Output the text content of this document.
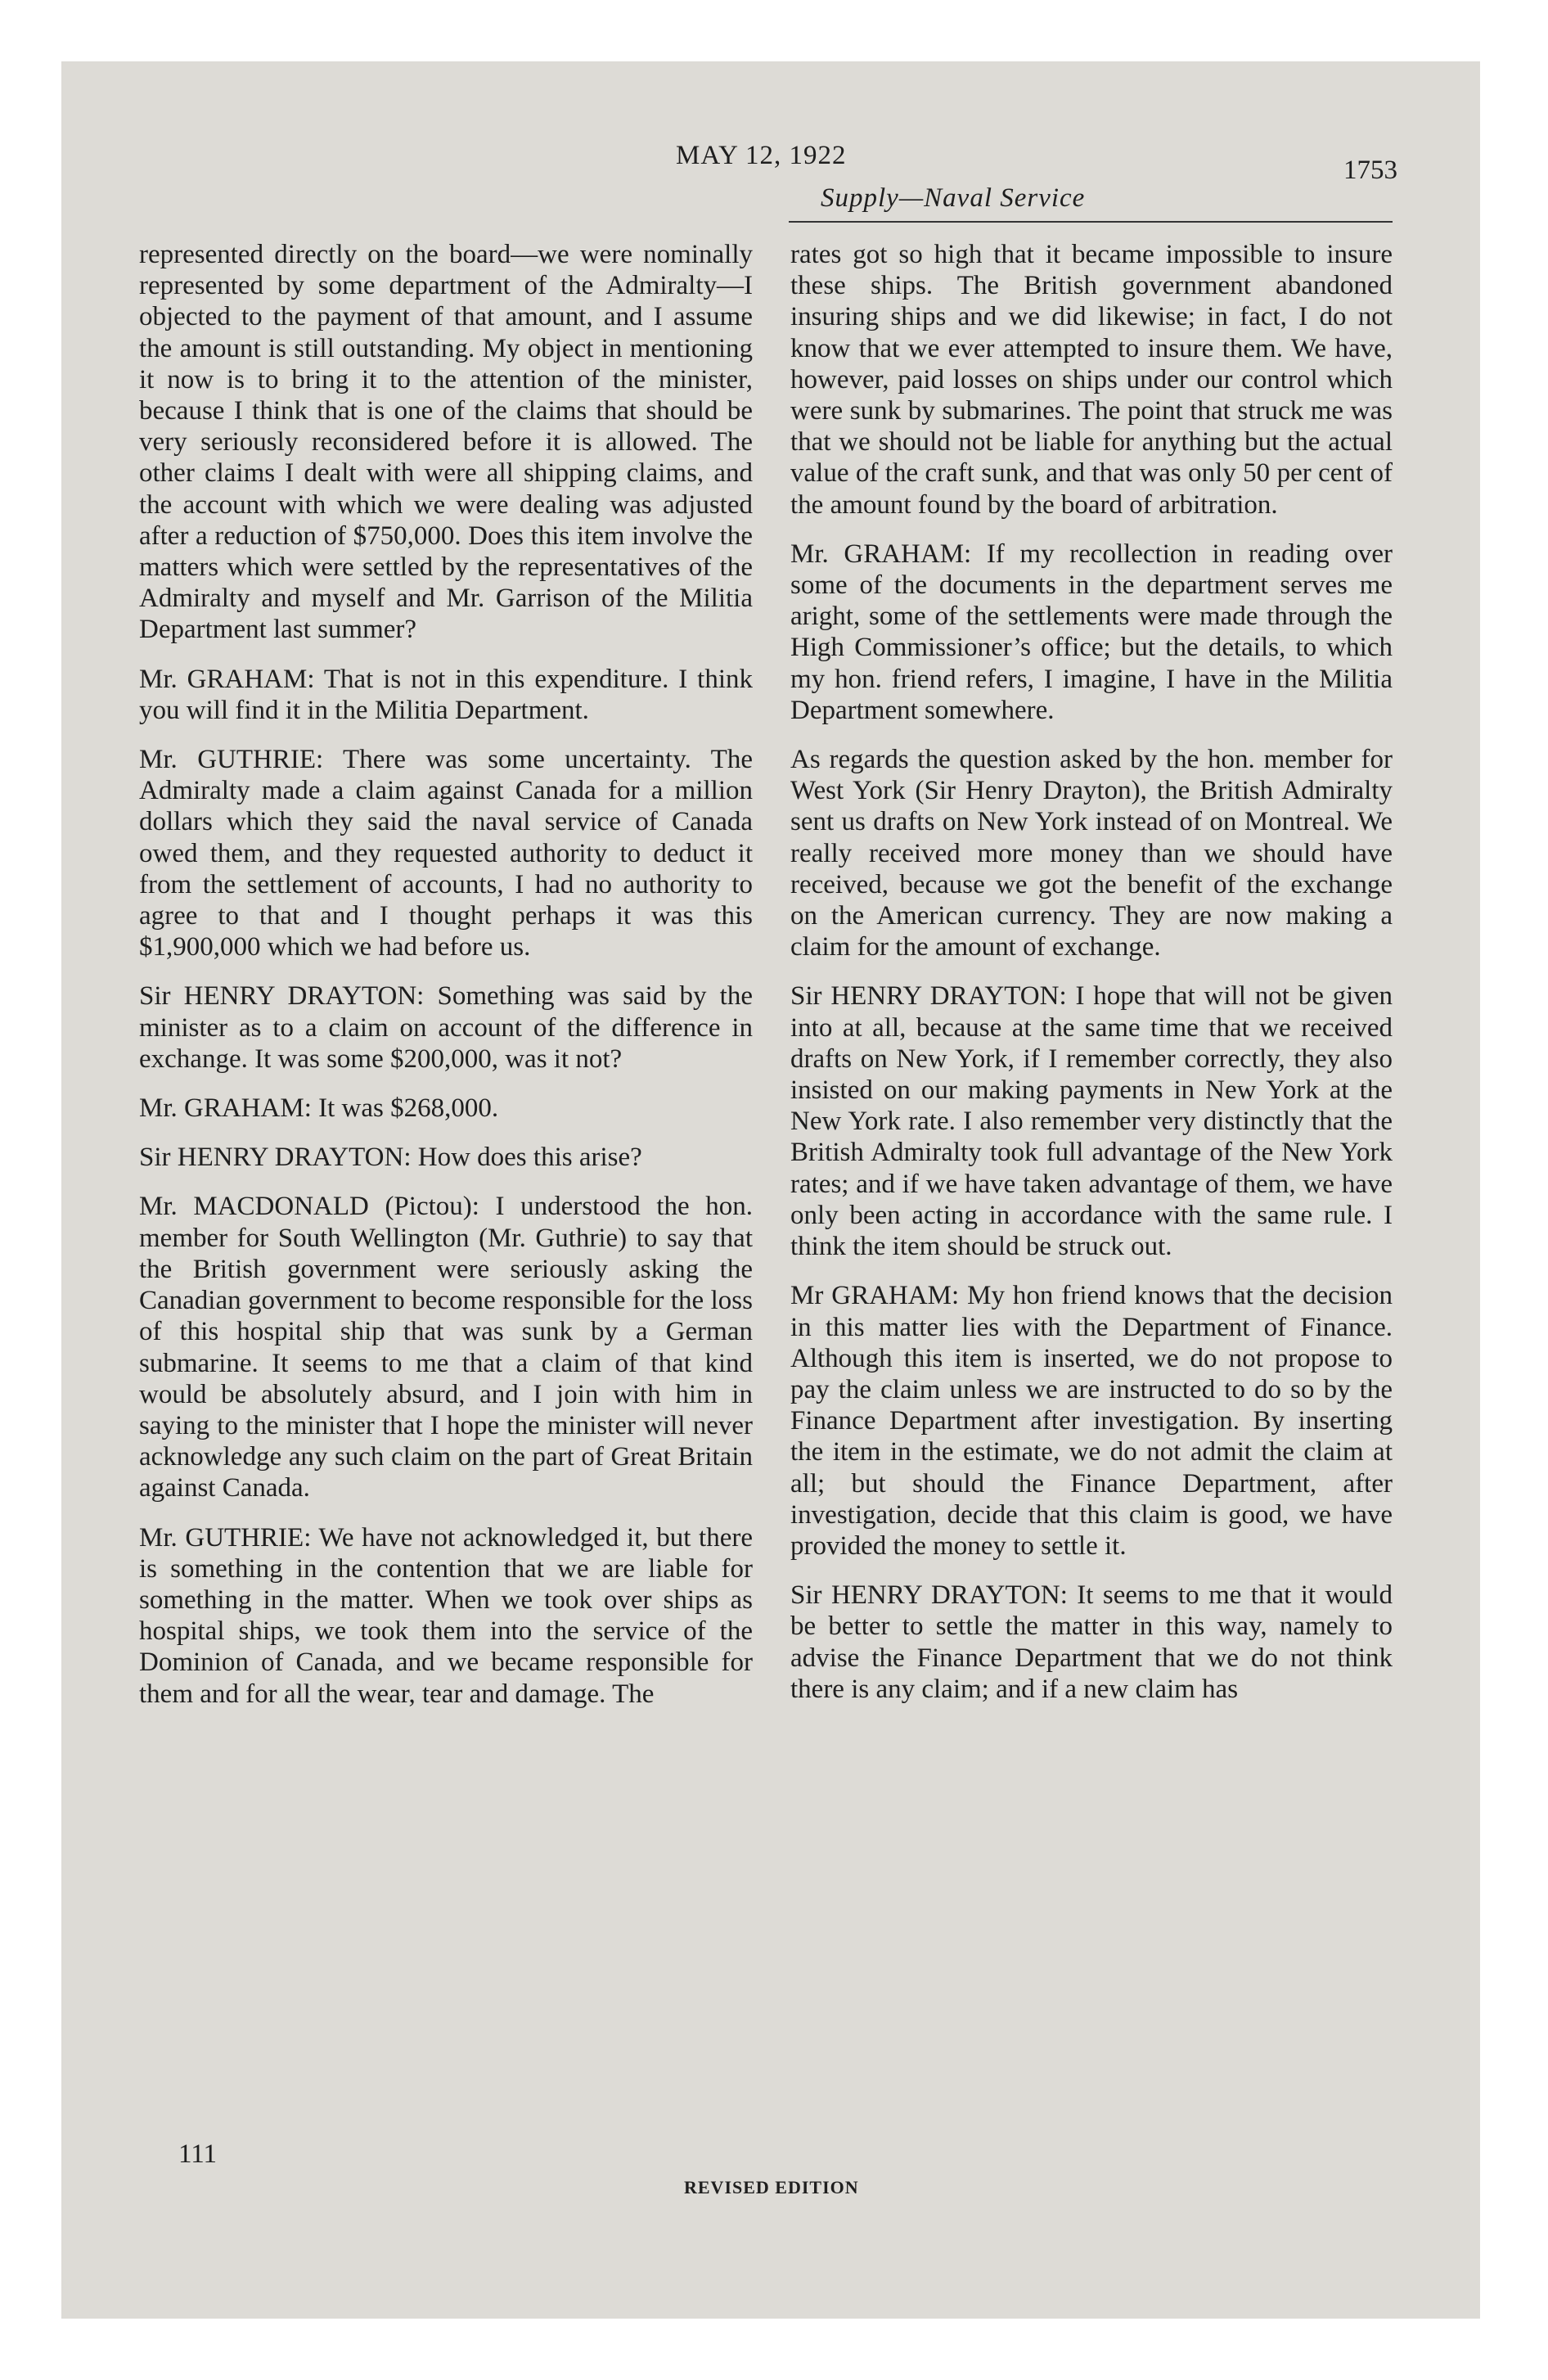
MAY 12, 1922
Supply—Naval Service
1753

represented directly on the board—we were nominally represented by some department of the Admiralty—I objected to the payment of that amount, and I assume the amount is still outstanding. My object in mentioning it now is to bring it to the attention of the minister, because I think that is one of the claims that should be very seriously reconsidered before it is allowed. The other claims I dealt with were all shipping claims, and the account with which we were dealing was adjusted after a reduction of $750,000. Does this item involve the matters which were settled by the representatives of the Admiralty and myself and Mr. Garrison of the Militia Department last summer?

Mr. GRAHAM: That is not in this expenditure. I think you will find it in the Militia Department.

Mr. GUTHRIE: There was some uncertainty. The Admiralty made a claim against Canada for a million dollars which they said the naval service of Canada owed them, and they requested authority to deduct it from the settlement of accounts, I had no authority to agree to that and I thought perhaps it was this $1,900,000 which we had before us.

Sir HENRY DRAYTON: Something was said by the minister as to a claim on account of the difference in exchange. It was some $200,000, was it not?

Mr. GRAHAM: It was $268,000.

Sir HENRY DRAYTON: How does this arise?

Mr. MACDONALD (Pictou): I understood the hon. member for South Wellington (Mr. Guthrie) to say that the British government were seriously asking the Canadian government to become responsible for the loss of this hospital ship that was sunk by a German submarine. It seems to me that a claim of that kind would be absolutely absurd, and I join with him in saying to the minister that I hope the minister will never acknowledge any such claim on the part of Great Britain against Canada.

Mr. GUTHRIE: We have not acknowledged it, but there is something in the contention that we are liable for something in the matter. When we took over ships as hospital ships, we took them into the service of the Dominion of Canada, and we became responsible for them and for all the wear, tear and damage. The

rates got so high that it became impossible to insure these ships. The British government abandoned insuring ships and we did likewise; in fact, I do not know that we ever attempted to insure them. We have, however, paid losses on ships under our control which were sunk by submarines. The point that struck me was that we should not be liable for anything but the actual value of the craft sunk, and that was only 50 per cent of the amount found by the board of arbitration.

Mr. GRAHAM: If my recollection in reading over some of the documents in the department serves me aright, some of the settlements were made through the High Commissioner’s office; but the details, to which my hon. friend refers, I imagine, I have in the Militia Department somewhere.

As regards the question asked by the hon. member for West York (Sir Henry Drayton), the British Admiralty sent us drafts on New York instead of on Montreal. We really received more money than we should have received, because we got the benefit of the exchange on the American currency. They are now making a claim for the amount of exchange.

Sir HENRY DRAYTON: I hope that will not be given into at all, because at the same time that we received drafts on New York, if I remember correctly, they also insisted on our making payments in New York at the New York rate. I also remember very distinctly that the British Admiralty took full advantage of the New York rates; and if we have taken advantage of them, we have only been acting in accordance with the same rule. I think the item should be struck out.

Mr GRAHAM: My hon friend knows that the decision in this matter lies with the Department of Finance. Although this item is inserted, we do not propose to pay the claim unless we are instructed to do so by the Finance Department after investigation. By inserting the item in the estimate, we do not admit the claim at all; but should the Finance Department, after investigation, decide that this claim is good, we have provided the money to settle it.

Sir HENRY DRAYTON: It seems to me that it would be better to settle the matter in this way, namely to advise the Finance Department that we do not think there is any claim; and if a new claim has

111
REVISED EDITION
